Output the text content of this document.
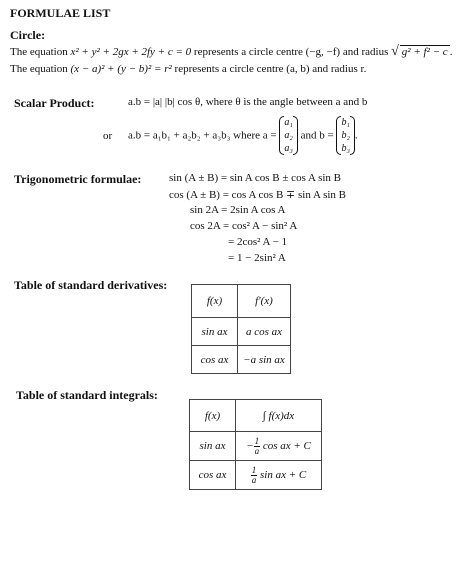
FORMULAE LIST
Circle:
The equation x² + y² + 2gx + 2fy + c = 0 represents a circle centre (−g, −f) and radius √ g² + f² − c .
The equation (x − a)² + (y − b)² = r² represents a circle centre (a, b) and radius r.
Scalar Product:	a.b = |a| |b| cos θ, where θ is the angle between a and b
or a.b = a₁b₁ + a₂b₂ + a₃b₃ where a =
a₁
a₂
a₃
and b =
b₁
b₂
b₃
.
Trigonometric formulae:	sin (A ± B) = sin A cos B ± cos A sin B
cos (A ± B) = cos A cos B ∓ sin A sin B
sin 2A = 2sin A cos A
cos 2A = cos² A − sin² A
= 2cos² A − 1
= 1 − 2sin² A
Table of standard derivatives:
f(x)	f′(x)
sin ax	a cos ax
cos ax	−a sin ax
Table of standard integrals:
f(x)	∫ f(x)dx
sin ax	− $\frac{1}{a}$ cos ax + C
cos ax	$\frac{1}{a}$ sin ax + C
